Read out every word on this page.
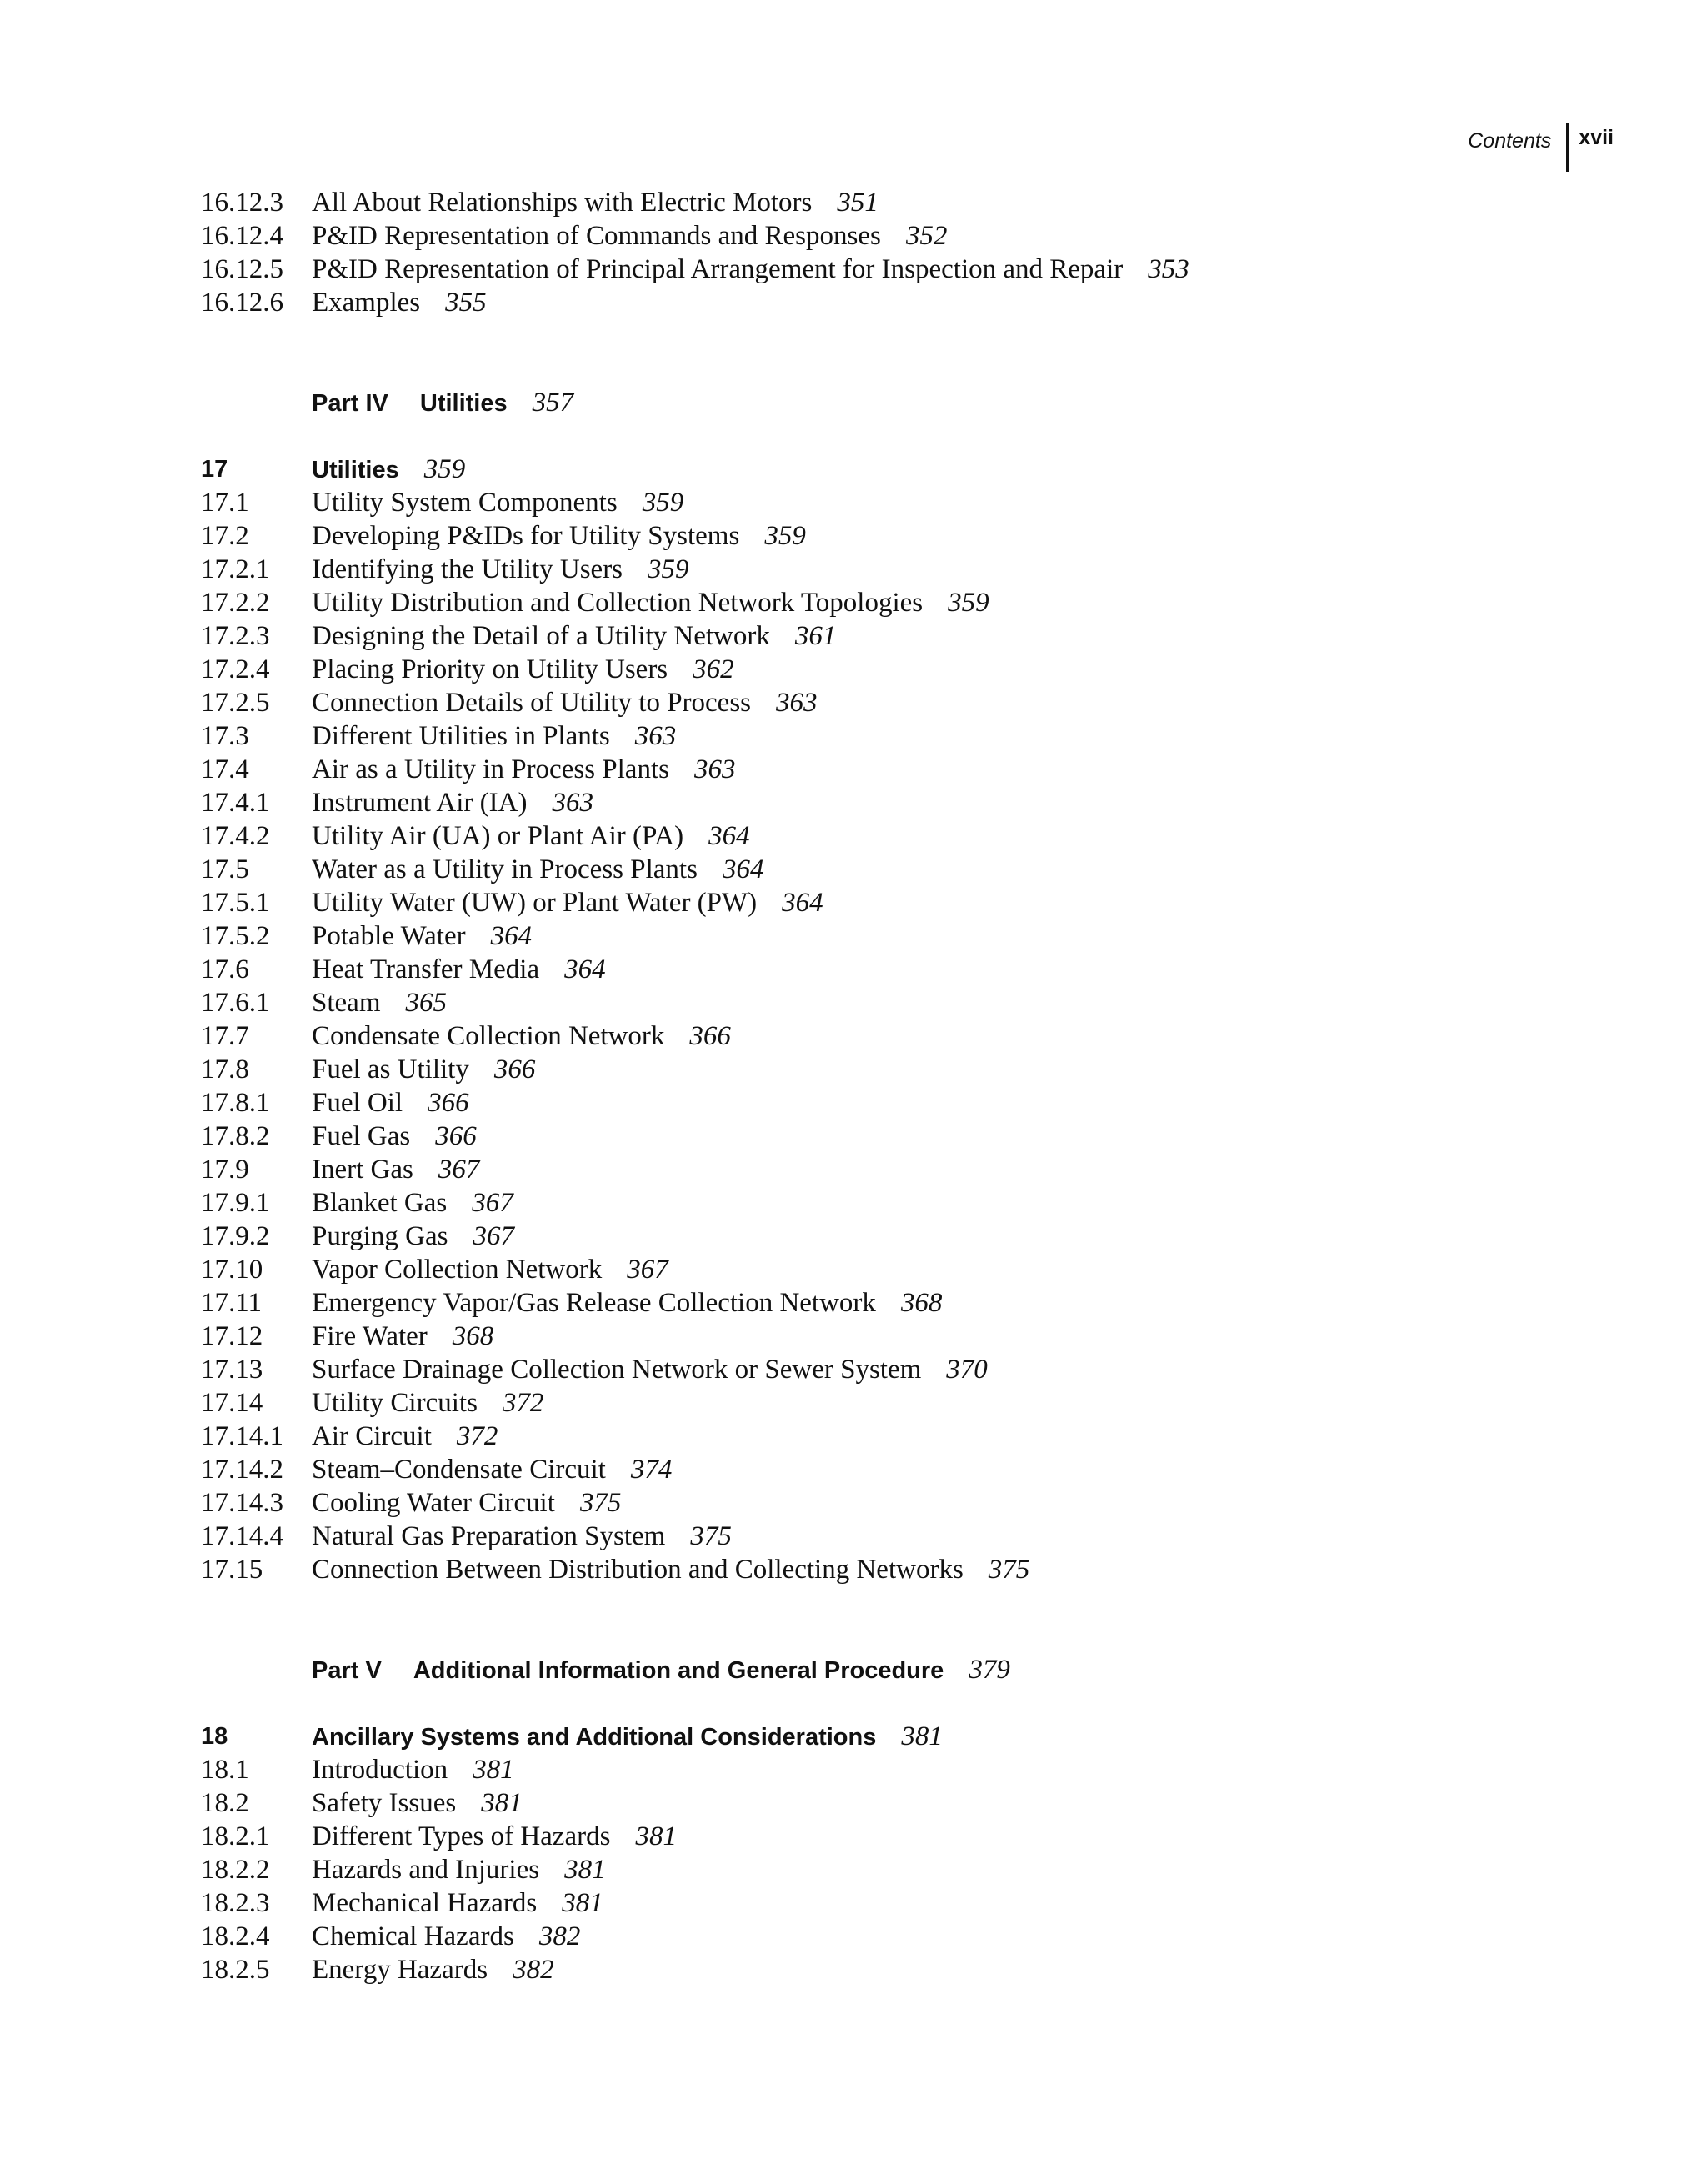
Contents	xvii
16.12.3 All About Relationships with Electric Motors 351
16.12.4 P&ID Representation of Commands and Responses 352
16.12.5 P&ID Representation of Principal Arrangement for Inspection and Repair 353
16.12.6 Examples 355
Part IV Utilities 357
17	Utilities 359
17.1 Utility System Components 359
17.2 Developing P&IDs for Utility Systems 359
17.2.1 Identifying the Utility Users 359
17.2.2 Utility Distribution and Collection Network Topologies 359
17.2.3 Designing the Detail of a Utility Network 361
17.2.4 Placing Priority on Utility Users 362
17.2.5 Connection Details of Utility to Process 363
17.3 Different Utilities in Plants 363
17.4 Air as a Utility in Process Plants 363
17.4.1 Instrument Air (IA) 363
17.4.2 Utility Air (UA) or Plant Air (PA) 364
17.5 Water as a Utility in Process Plants 364
17.5.1 Utility Water (UW) or Plant Water (PW) 364
17.5.2 Potable Water 364
17.6 Heat Transfer Media 364
17.6.1 Steam 365
17.7 Condensate Collection Network 366
17.8 Fuel as Utility 366
17.8.1 Fuel Oil 366
17.8.2 Fuel Gas 366
17.9 Inert Gas 367
17.9.1 Blanket Gas 367
17.9.2 Purging Gas 367
17.10 Vapor Collection Network 367
17.11 Emergency Vapor/Gas Release Collection Network 368
17.12 Fire Water 368
17.13 Surface Drainage Collection Network or Sewer System 370
17.14 Utility Circuits 372
17.14.1 Air Circuit 372
17.14.2 Steam–Condensate Circuit 374
17.14.3 Cooling Water Circuit 375
17.14.4 Natural Gas Preparation System 375
17.15 Connection Between Distribution and Collecting Networks 375
Part V Additional Information and General Procedure 379
18	Ancillary Systems and Additional Considerations 381
18.1 Introduction 381
18.2 Safety Issues 381
18.2.1 Different Types of Hazards 381
18.2.2 Hazards and Injuries 381
18.2.3 Mechanical Hazards 381
18.2.4 Chemical Hazards 382
18.2.5 Energy Hazards 382
